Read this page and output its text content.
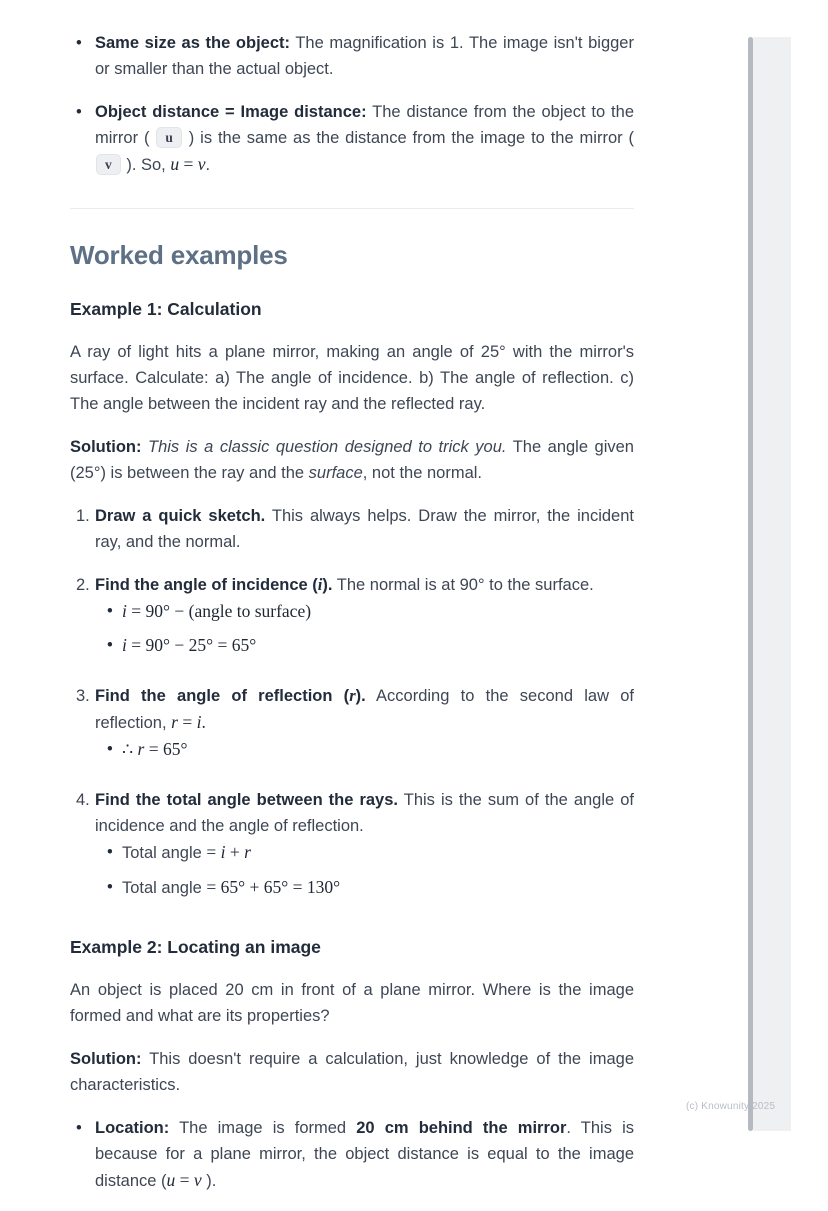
• Same size as the object: The magnification is 1. The image isn't bigger or smaller than the actual object.
• Object distance = Image distance: The distance from the object to the mirror ( u ) is the same as the distance from the image to the mirror ( v ). So, u = v.
Worked examples
Example 1: Calculation

A ray of light hits a plane mirror, making an angle of 25° with the mirror's surface. Calculate: a) The angle of incidence. b) The angle of reflection. c) The angle between the incident ray and the reflected ray.

Solution: This is a classic question designed to trick you. The angle given (25°) is between the ray and the surface, not the normal.

1. Draw a quick sketch. This always helps. Draw the mirror, the incident ray, and the normal.
2. Find the angle of incidence (i). The normal is at 90° to the surface.
• i = 90° − (angle to surface)
• i = 90° − 25° = 65°
3. Find the angle of reflection (r). According to the second law of reflection, r = i.
• ∴ r = 65°
4. Find the total angle between the rays. This is the sum of the angle of incidence and the angle of reflection.
• Total angle = i + r
• Total angle = 65° + 65° = 130°
Example 2: Locating an image

An object is placed 20 cm in front of a plane mirror. Where is the image formed and what are its properties?

Solution: This doesn't require a calculation, just knowledge of the image characteristics.

• Location: The image is formed 20 cm behind the mirror. This is because for a plane mirror, the object distance is equal to the image distance (u = v ).
(c) Knowunity 2025
